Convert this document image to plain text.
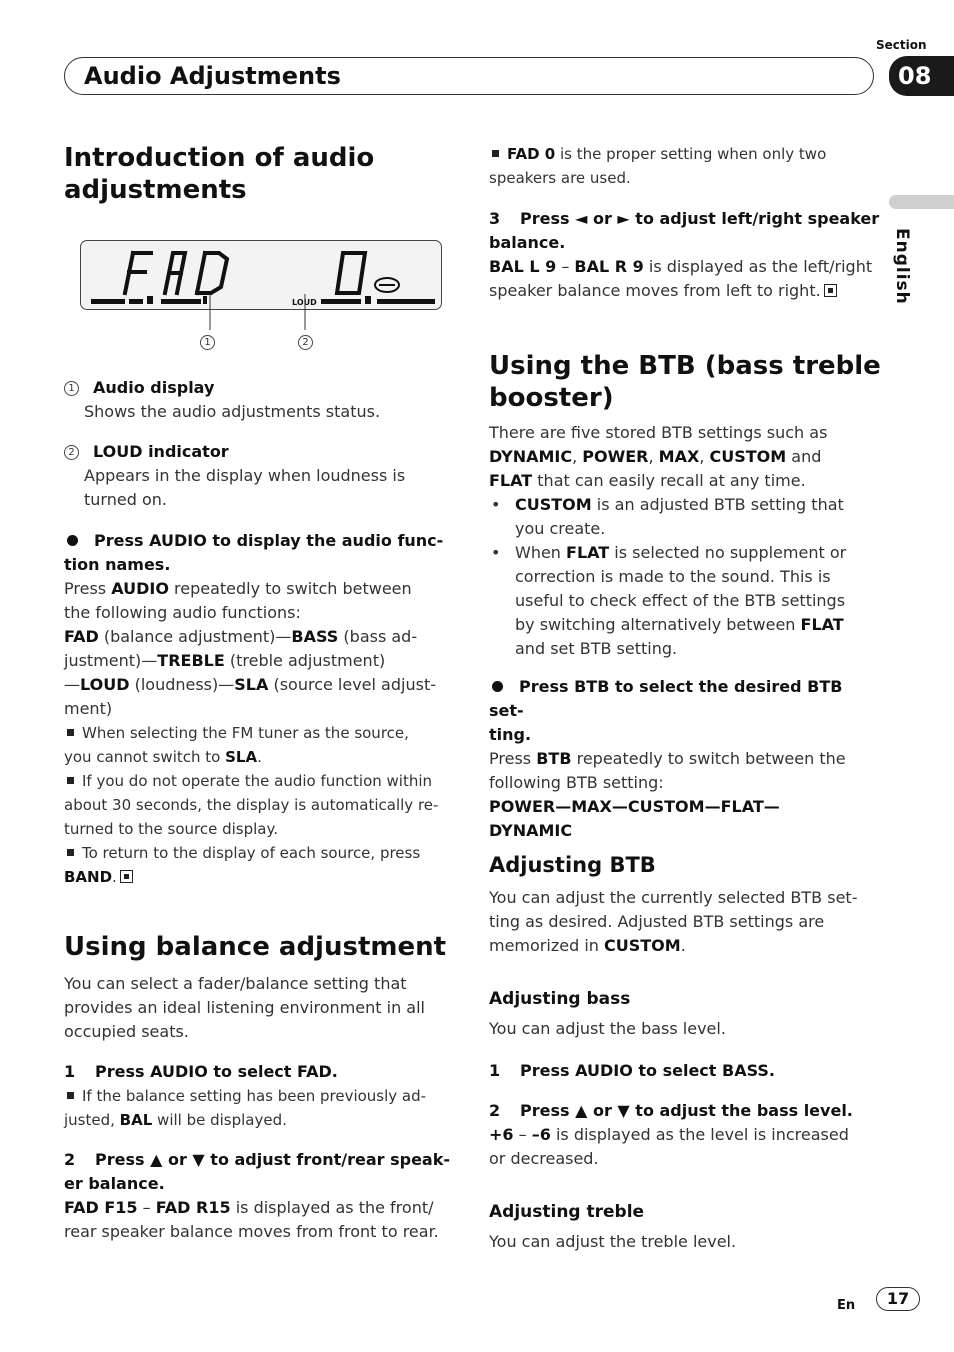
Section
Audio Adjustments	08
English
Introduction of audio
adjustments
LOUD
1	2
1 Audio display
Shows the audio adjustments status.
2 LOUD indicator
Appears in the display when loudness is
turned on.
Press AUDIO to display the audio func-
tion names.
Press AUDIO repeatedly to switch between
the following audio functions:
FAD (balance adjustment)—BASS (bass ad-
justment)—TREBLE (treble adjustment)
—LOUD (loudness)—SLA (source level adjust-
ment)
When selecting the FM tuner as the source,
you cannot switch to SLA.
If you do not operate the audio function within
about 30 seconds, the display is automatically re-
turned to the source display.
To return to the display of each source, press
BAND.
Using balance adjustment
You can select a fader/balance setting that
provides an ideal listening environment in all
occupied seats.
1 Press AUDIO to select FAD.
If the balance setting has been previously ad-
justed, BAL will be displayed.
2 Press ▲ or ▼ to adjust front/rear speak-
er balance.
FAD F15 – FAD R15 is displayed as the front/
rear speaker balance moves from front to rear.
FAD 0 is the proper setting when only two
speakers are used.
3 Press ◄ or ► to adjust left/right speaker
balance.
BAL L 9 – BAL R 9 is displayed as the left/right
speaker balance moves from left to right.
Using the BTB (bass treble
booster)
There are five stored BTB settings such as
DYNAMIC, POWER, MAX, CUSTOM and
FLAT that can easily recall at any time.
• CUSTOM is an adjusted BTB setting that
you create.
• When FLAT is selected no supplement or
correction is made to the sound. This is
useful to check effect of the BTB settings
by switching alternatively between FLAT
and set BTB setting.
Press BTB to select the desired BTB set-
ting.
Press BTB repeatedly to switch between the
following BTB setting:
POWER—MAX—CUSTOM—FLAT—
DYNAMIC
Adjusting BTB
You can adjust the currently selected BTB set-
ting as desired. Adjusted BTB settings are
memorized in CUSTOM.
Adjusting bass
You can adjust the bass level.
1 Press AUDIO to select BASS.
2 Press ▲ or ▼ to adjust the bass level.
+6 – –6 is displayed as the level is increased
or decreased.
Adjusting treble
You can adjust the treble level.
En	17
